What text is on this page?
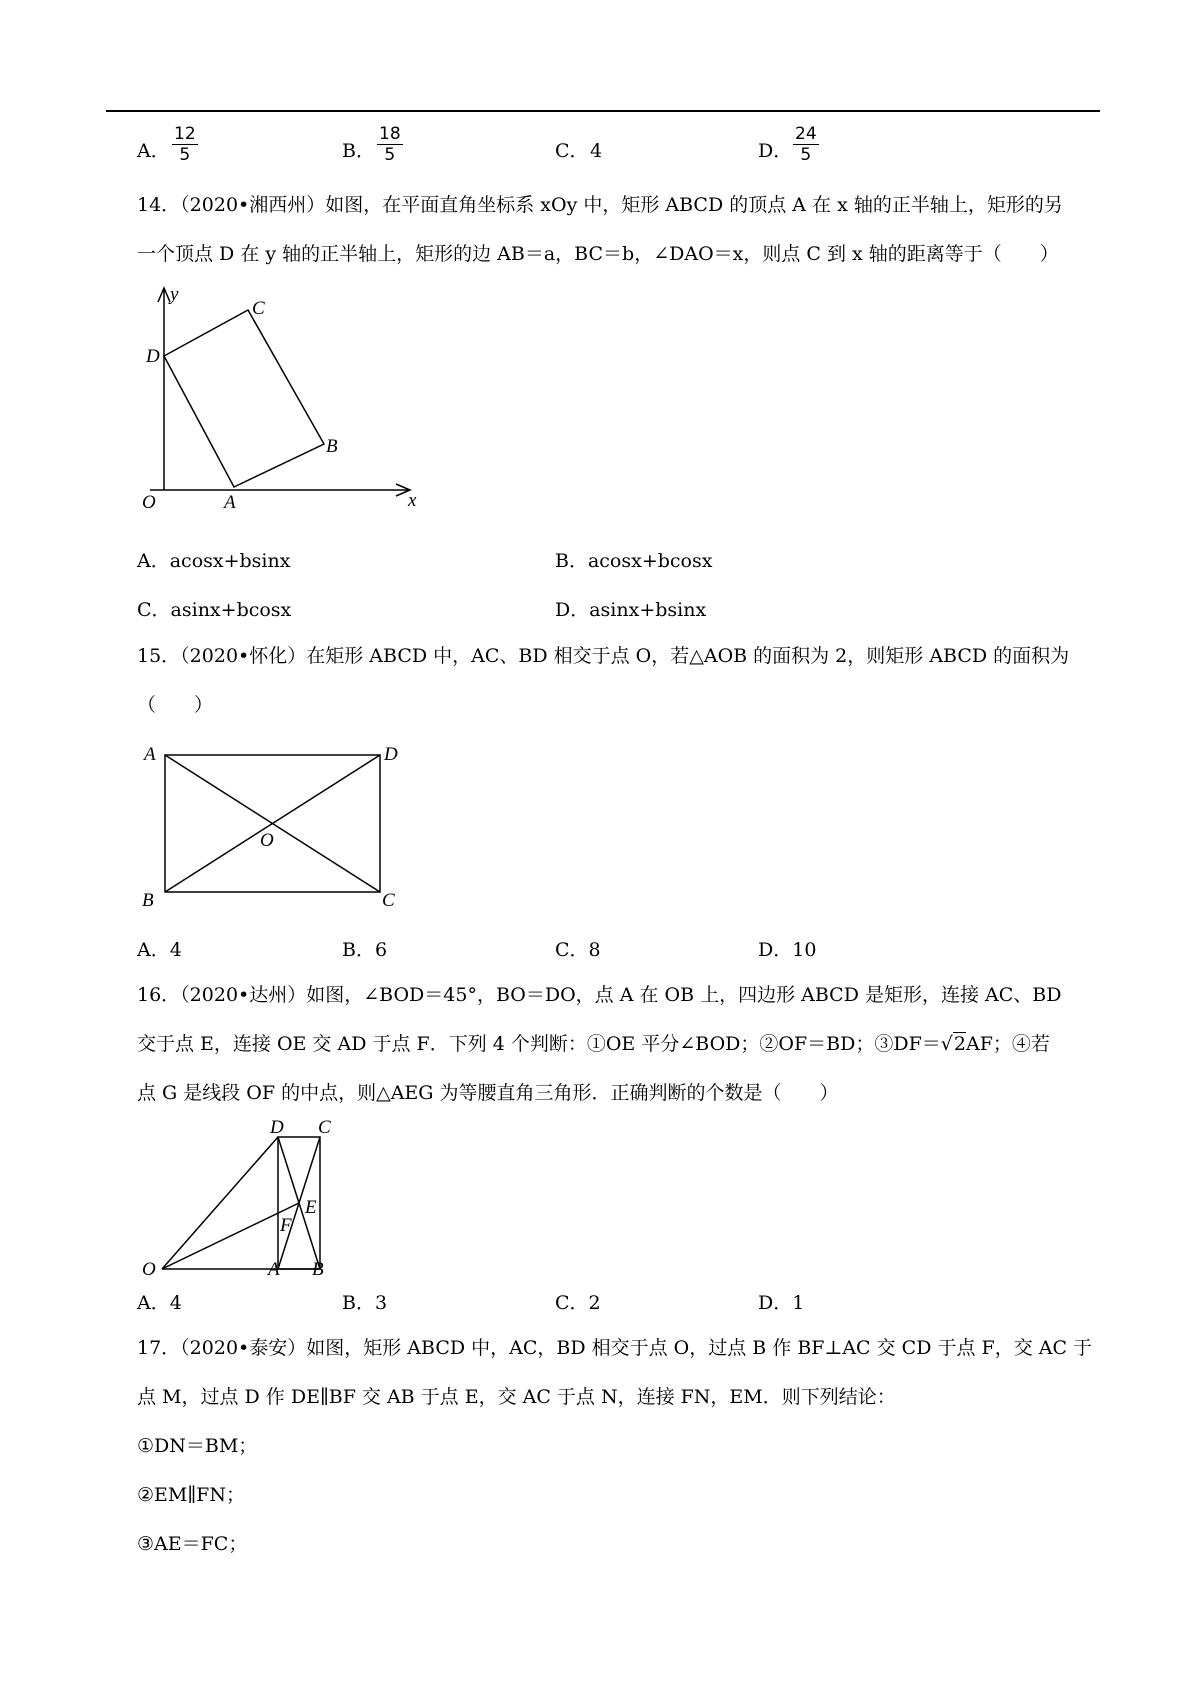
A． $\frac{12}{5}$	B． $\frac{18}{5}$	C． 4	D． $\frac{24}{5}$
14．（2020•湘西州）如图，在平面直角坐标系 xOy 中，矩形 ABCD 的顶点 A 在 x 轴的正半轴上，矩形的另
一个顶点 D 在 y 轴的正半轴上，矩形的边 AB＝a，BC＝b，∠DAO＝x，则点 C 到 x 轴的距离等于（　　）
y
x
O	A
B
C
D
A．acosx+bsinx	B．acosx+bcosx
C．asinx+bcosx	D．asinx+bsinx
15．（2020•怀化）在矩形 ABCD 中，AC、BD 相交于点 O，若△AOB 的面积为 2，则矩形 ABCD 的面积为
（　　）
A
B	C
D
O
A．4	B．6	C．8	D．10
16．（2020•达州）如图，∠BOD＝45°，BO＝DO，点 A 在 OB 上，四边形 ABCD 是矩形，连接 AC、BD
交于点 E，连接 OE 交 AD 于点 F．下列 4 个判断：①OE 平分∠BOD；②OF＝BD；③DF＝√2AF；④若
点 G 是线段 OF 的中点，则△AEG 为等腰直角三角形．正确判断的个数是（　　）
D C
E
F
O	A B
A．4	B．3	C．2	D．1
17．（2020•泰安）如图，矩形 ABCD 中，AC，BD 相交于点 O，过点 B 作 BF⊥AC 交 CD 于点 F，交 AC 于
点 M，过点 D 作 DE∥BF 交 AB 于点 E，交 AC 于点 N，连接 FN，EM．则下列结论：
①DN＝BM；
②EM∥FN；
③AE＝FC；
